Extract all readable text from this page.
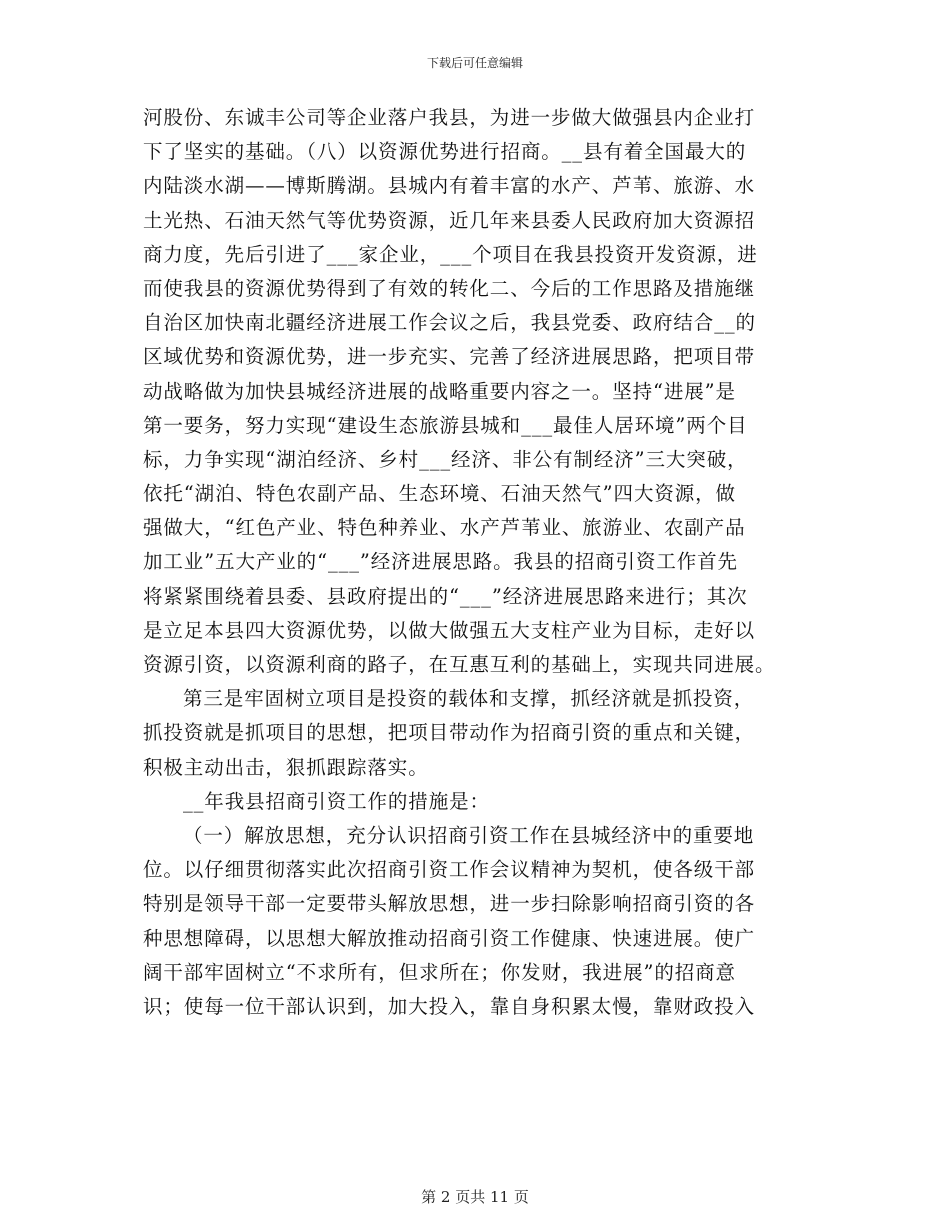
下载后可任意编辑
河股份、东诚丰公司等企业落户我县，为进一步做大做强县内企业打
下了坚实的基础。（八）以资源优势进行招商。__县有着全国最大的
内陆淡水湖——博斯腾湖。县城内有着丰富的水产、芦苇、旅游、水
土光热、石油天然气等优势资源，近几年来县委人民政府加大资源招
商力度，先后引进了___家企业，___个项目在我县投资开发资源，进
而使我县的资源优势得到了有效的转化二、今后的工作思路及措施继
自治区加快南北疆经济进展工作会议之后，我县党委、政府结合__的
区域优势和资源优势，进一步充实、完善了经济进展思路，把项目带
动战略做为加快县城经济进展的战略重要内容之一。坚持“进展”是
第一要务，努力实现“建设生态旅游县城和___最佳人居环境”两个目
标，力争实现“湖泊经济、乡村___经济、非公有制经济”三大突破，
依托“湖泊、特色农副产品、生态环境、石油天然气”四大资源，做
强做大，“红色产业、特色种养业、水产芦苇业、旅游业、农副产品
加工业”五大产业的“___”经济进展思路。我县的招商引资工作首先
将紧紧围绕着县委、县政府提出的“___”经济进展思路来进行；其次
是立足本县四大资源优势，以做大做强五大支柱产业为目标，走好以
资源引资，以资源利商的路子，在互惠互利的基础上，实现共同进展。
第三是牢固树立项目是投资的载体和支撑，抓经济就是抓投资，
抓投资就是抓项目的思想，把项目带动作为招商引资的重点和关键，
积极主动出击，狠抓跟踪落实。
__年我县招商引资工作的措施是：
（一）解放思想，充分认识招商引资工作在县城经济中的重要地
位。以仔细贯彻落实此次招商引资工作会议精神为契机，使各级干部
特别是领导干部一定要带头解放思想，进一步扫除影响招商引资的各
种思想障碍，以思想大解放推动招商引资工作健康、快速进展。使广
阔干部牢固树立“不求所有，但求所在；你发财，我进展”的招商意
识；使每一位干部认识到，加大投入，靠自身积累太慢，靠财政投入
第 2 页共 11 页
